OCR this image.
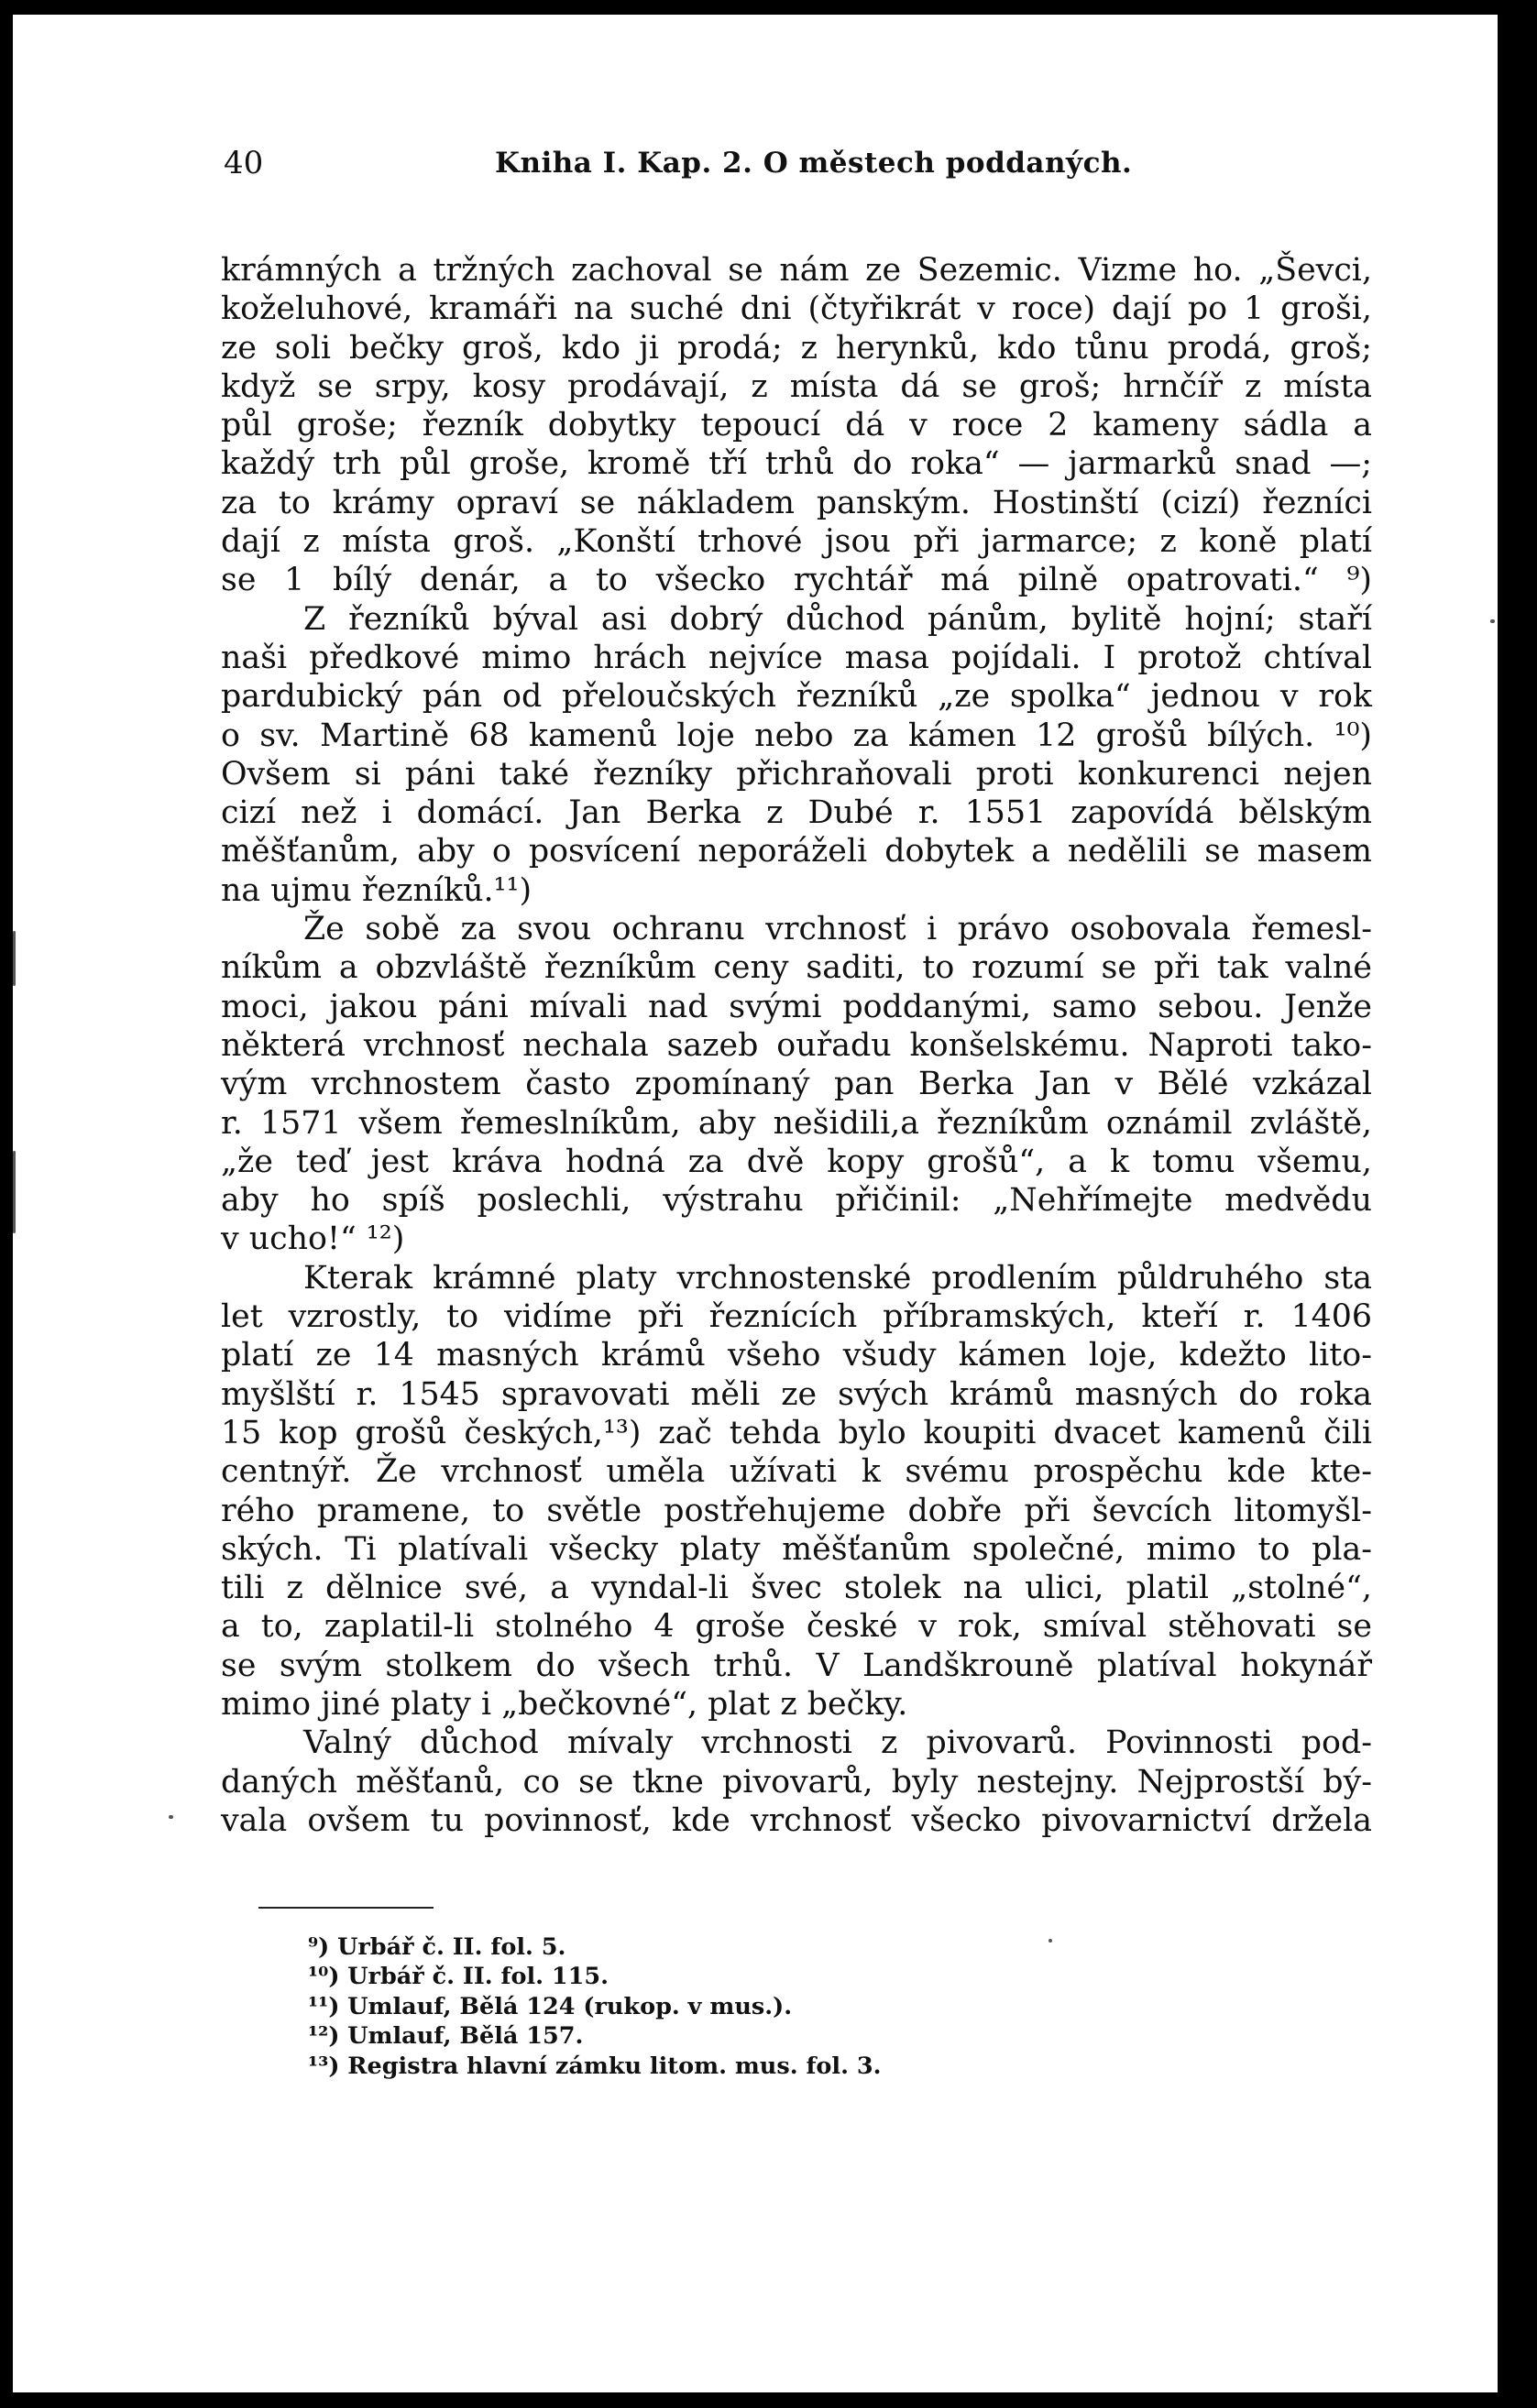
40	Kniha I. Kap. 2. O městech poddaných.
krámných a tržných zachoval se nám ze Sezemic. Vizme ho. „Ševci,
koželuhové, kramáři na suché dni (čtyřikrát v roce) dají po 1 groši,
ze soli bečky groš, kdo ji prodá; z herynků, kdo tůnu prodá, groš;
když se srpy, kosy prodávají, z místa dá se groš; hrnčíř z místa
půl groše; řezník dobytky tepoucí dá v roce 2 kameny sádla a
každý trh půl groše, kromě tří trhů do roka“ — jarmarků snad —;
za to krámy opraví se nákladem panským. Hostinští (cizí) řezníci
dají z místa groš. „Konští trhové jsou při jarmarce; z koně platí
se 1 bílý denár, a to všecko rychtář má pilně opatrovati.“ ⁹)
Z řezníků býval asi dobrý důchod pánům, bylitě hojní; staří
naši předkové mimo hrách nejvíce masa pojídali. I protož chtíval
pardubický pán od přeloučských řezníků „ze spolka“ jednou v rok
o sv. Martině 68 kamenů loje nebo za kámen 12 grošů bílých. ¹⁰)
Ovšem si páni také řezníky přichraňovali proti konkurenci nejen
cizí než i domácí. Jan Berka z Dubé r. 1551 zapovídá bělským
měšťanům, aby o posvícení neporáželi dobytek a nedělili se masem
na ujmu řezníků.¹¹)
Že sobě za svou ochranu vrchnosť i právo osobovala řemesl-
níkům a obzvláště řezníkům ceny saditi, to rozumí se při tak valné
moci, jakou páni mívali nad svými poddanými, samo sebou. Jenže
některá vrchnosť nechala sazeb ouřadu konšelskému. Naproti tako-
vým vrchnostem často zpomínaný pan Berka Jan v Bělé vzkázal
r. 1571 všem řemeslníkům, aby nešidili,a řezníkům oznámil zvláště,
„že teď jest kráva hodná za dvě kopy grošů“, a k tomu všemu,
aby ho spíš poslechli, výstrahu přičinil: „Nehřímejte medvědu
v ucho!“ ¹²)
Kterak krámné platy vrchnostenské prodlením půldruhého sta
let vzrostly, to vidíme při řeznících příbramských, kteří r. 1406
platí ze 14 masných krámů všeho všudy kámen loje, kdežto lito-
myšlští r. 1545 spravovati měli ze svých krámů masných do roka
15 kop grošů českých,¹³) zač tehda bylo koupiti dvacet kamenů čili
centnýř. Že vrchnosť uměla užívati k svému prospěchu kde kte-
rého pramene, to světle postřehujeme dobře při ševcích litomyšl-
ských. Ti platívali všecky platy měšťanům společné, mimo to pla-
tili z dělnice své, a vyndal-li švec stolek na ulici, platil „stolné“,
a to, zaplatil-li stolného 4 groše české v rok, smíval stěhovati se
se svým stolkem do všech trhů. V Landškrouně platíval hokynář
mimo jiné platy i „bečkovné“, plat z bečky.
Valný důchod mívaly vrchnosti z pivovarů. Povinnosti pod-
daných měšťanů, co se tkne pivovarů, byly nestejny. Nejprostší bý-
vala ovšem tu povinnosť, kde vrchnosť všecko pivovarnictví držela
⁹) Urbář č. II. fol. 5.
¹⁰) Urbář č. II. fol. 115.
¹¹) Umlauf, Bělá 124 (rukop. v mus.).
¹²) Umlauf, Bělá 157.
¹³) Registra hlavní zámku litom. mus. fol. 3.
